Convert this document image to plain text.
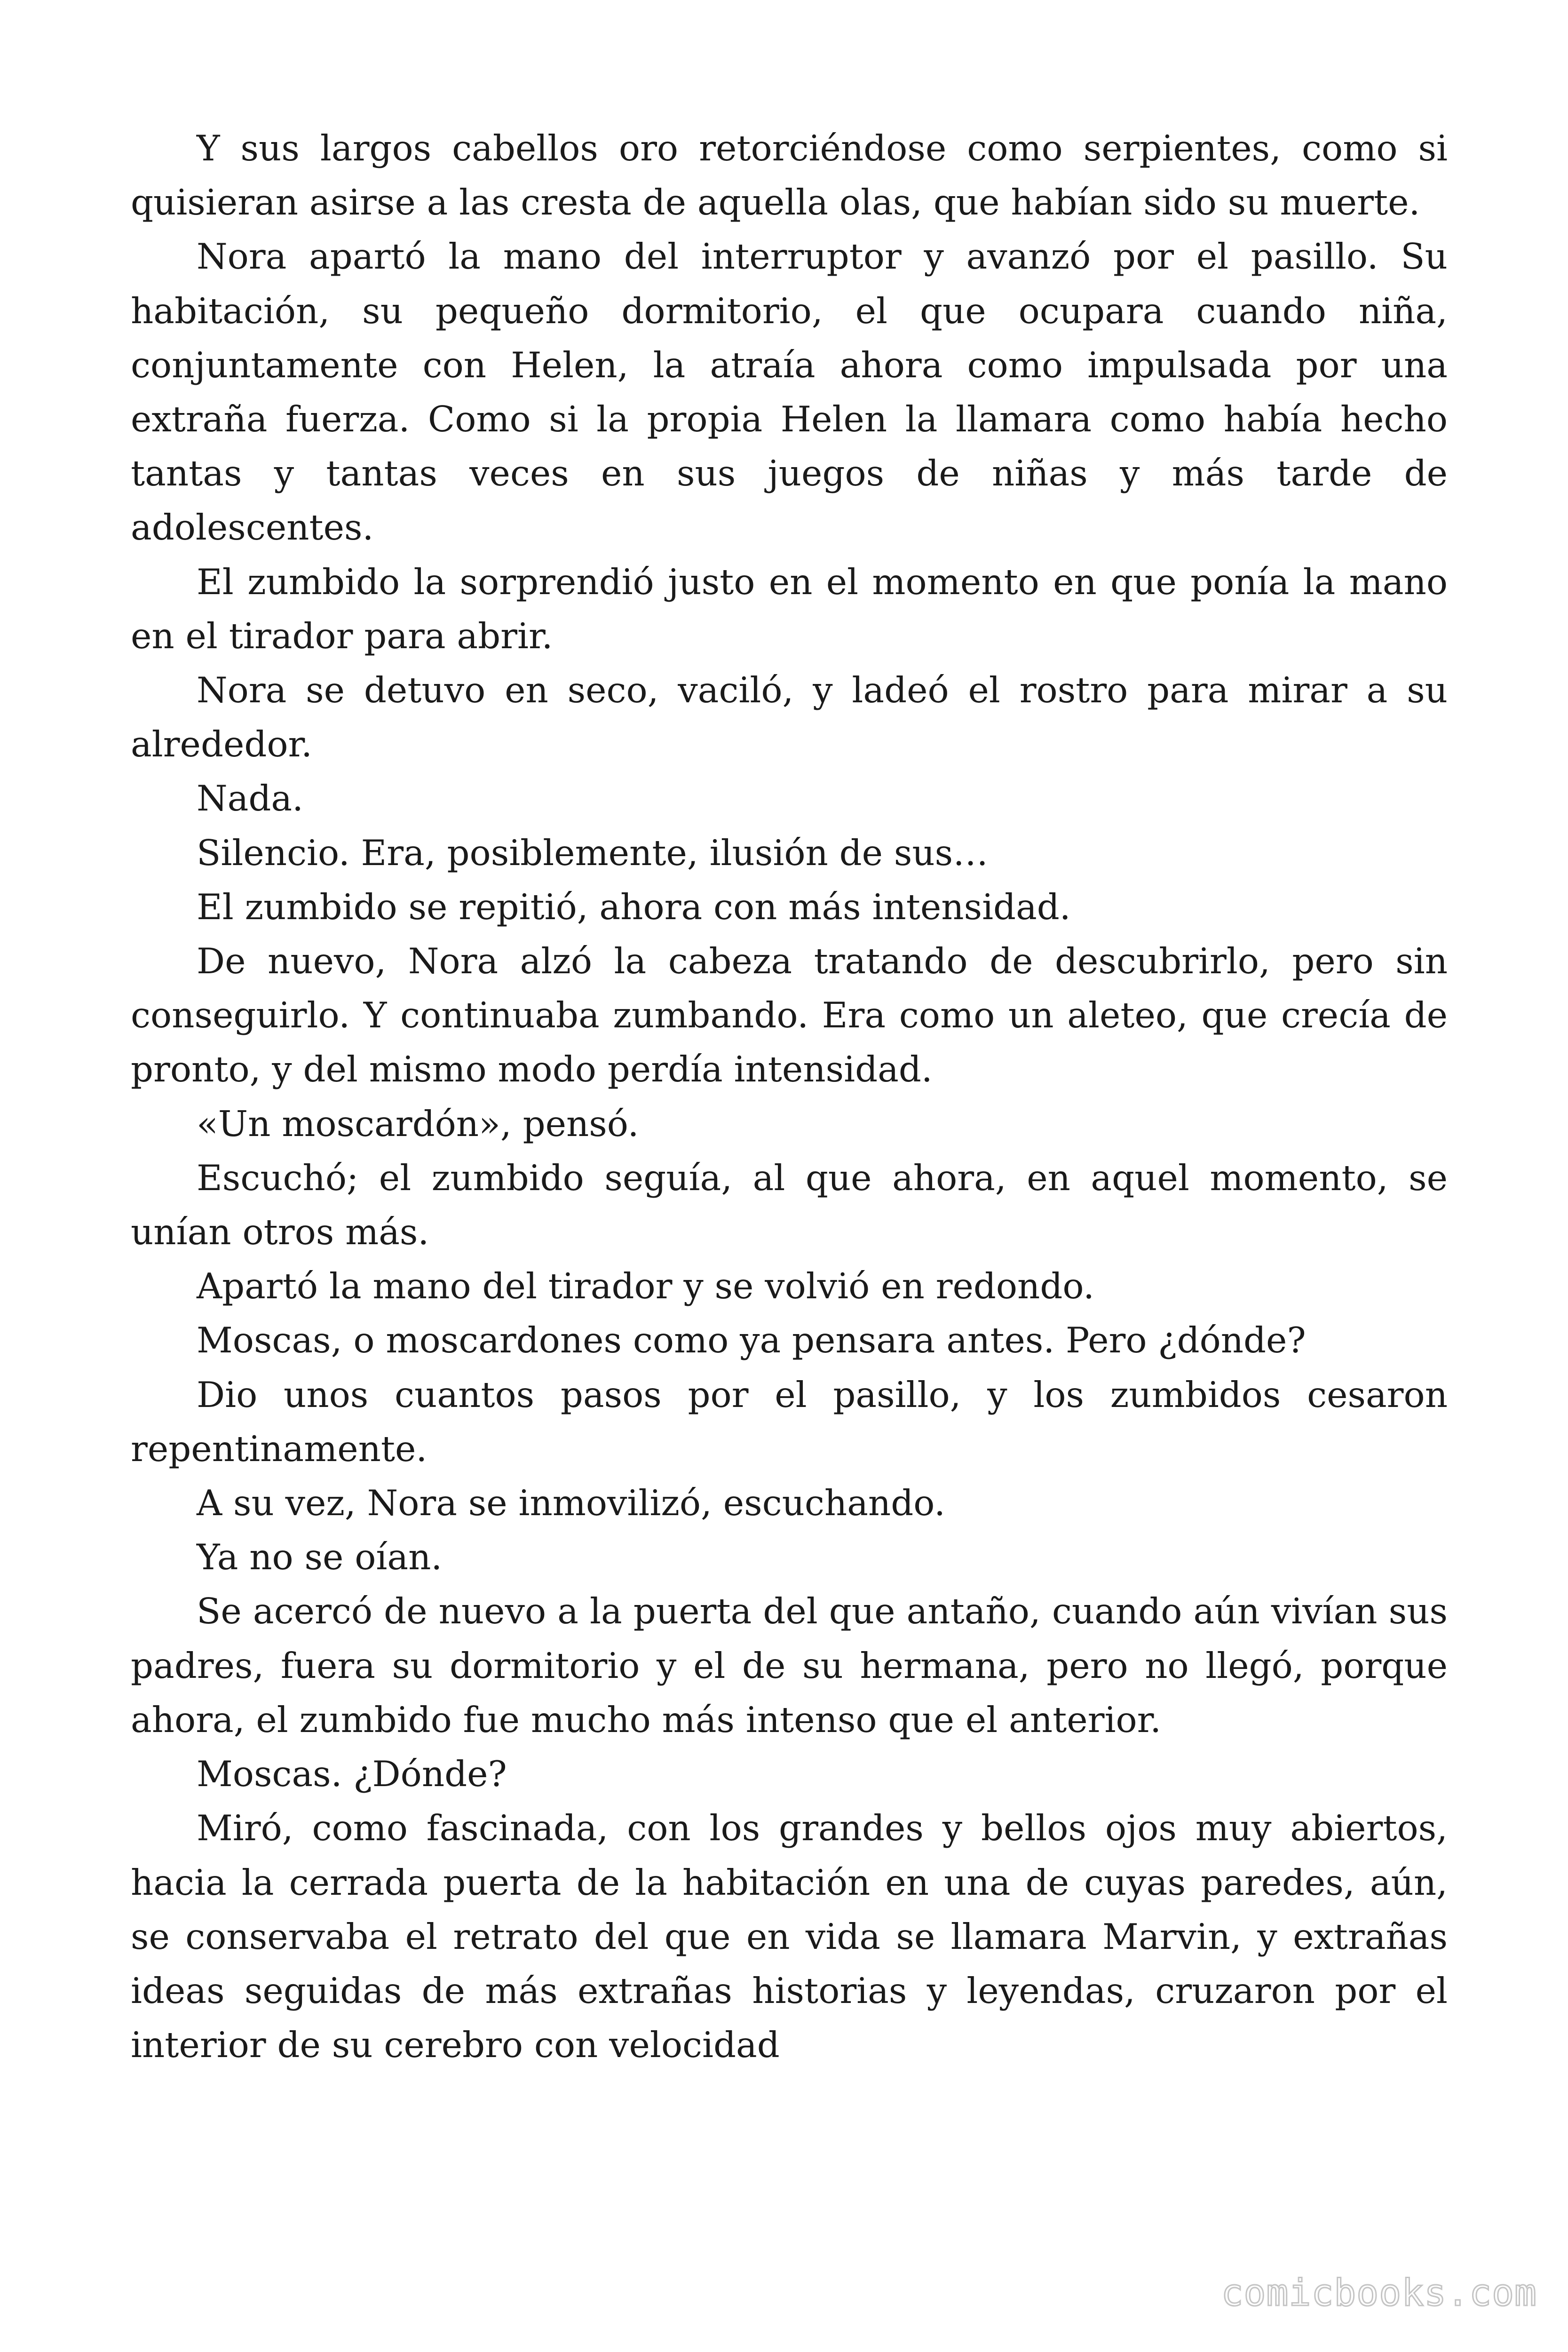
Y sus largos cabellos oro retorciéndose como serpientes, como si quisieran asirse a las cresta de aquella olas, que habían sido su muerte.

Nora apartó la mano del interruptor y avanzó por el pasillo. Su habitación, su pequeño dormitorio, el que ocupara cuando niña, conjuntamente con Helen, la atraía ahora como impulsada por una extraña fuerza. Como si la propia Helen la llamara como había hecho tantas y tantas veces en sus juegos de niñas y más tarde de adolescentes.

El zumbido la sorprendió justo en el momento en que ponía la mano en el tirador para abrir.

Nora se detuvo en seco, vaciló, y ladeó el rostro para mirar a su alrededor.

Nada.

Silencio. Era, posiblemente, ilusión de sus…

El zumbido se repitió, ahora con más intensidad.

De nuevo, Nora alzó la cabeza tratando de descubrirlo, pero sin conseguirlo. Y continuaba zumbando. Era como un aleteo, que crecía de pronto, y del mismo modo perdía intensidad.

«Un moscardón», pensó.

Escuchó; el zumbido seguía, al que ahora, en aquel momento, se unían otros más.

Apartó la mano del tirador y se volvió en redondo.

Moscas, o moscardones como ya pensara antes. Pero ¿dónde?

Dio unos cuantos pasos por el pasillo, y los zumbidos cesaron repentinamente.

A su vez, Nora se inmovilizó, escuchando.

Ya no se oían.

Se acercó de nuevo a la puerta del que antaño, cuando aún vivían sus padres, fuera su dormitorio y el de su hermana, pero no llegó, porque ahora, el zumbido fue mucho más intenso que el anterior.

Moscas. ¿Dónde?

Miró, como fascinada, con los grandes y bellos ojos muy abiertos, hacia la cerrada puerta de la habitación en una de cuyas paredes, aún, se conservaba el retrato del que en vida se llamara Marvin, y extrañas ideas seguidas de más extrañas historias y leyendas, cruzaron por el interior de su cerebro con velocidad

comicbooks.com
